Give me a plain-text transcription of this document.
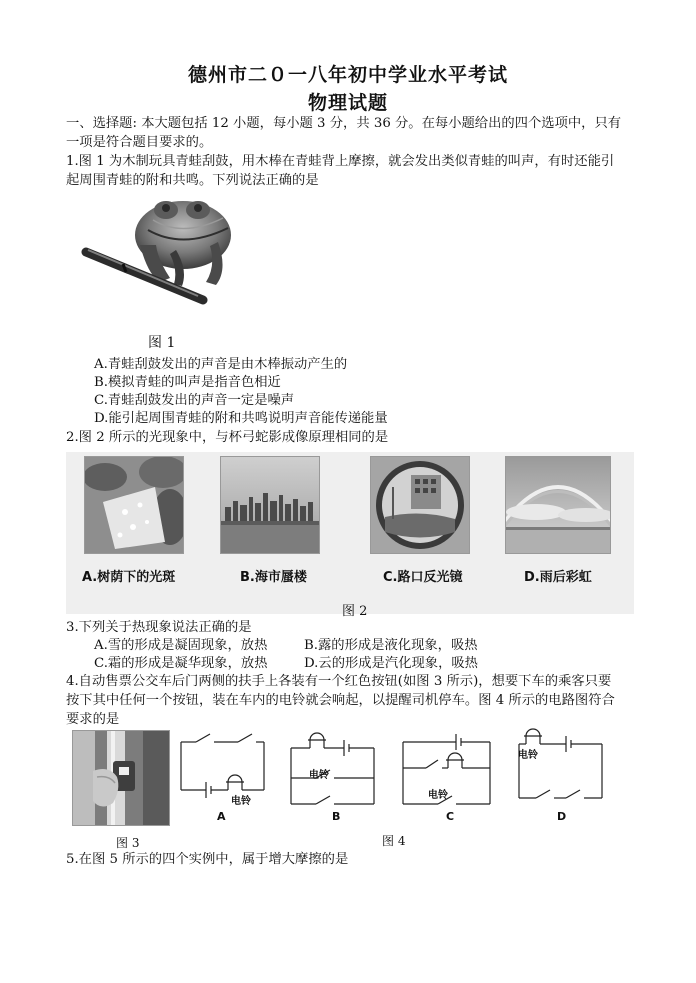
德州市二０一八年初中学业水平考试
物理试题
一、选择题: 本大题包括 12 小题，每小题 3 分，共 36 分。在每小题给出的四个选项中，只有
一项是符合题目要求的。
1.图 1 为木制玩具青蛙刮鼓，用木棒在青蛙背上摩擦，就会发出类似青蛙的叫声，有时还能引
起周围青蛙的附和共鸣。下列说法正确的是
图 1
A.青蛙刮鼓发出的声音是由木棒振动产生的
B.模拟青蛙的叫声是指音色相近
C.青蛙刮鼓发出的声音一定是噪声
D.能引起周围青蛙的附和共鸣说明声音能传递能量
2.图 2 所示的光现象中，与杯弓蛇影成像原理相同的是
A.树荫下的光斑	B.海市蜃楼	C.路口反光镜	D.雨后彩虹
图 2
3.下列关于热现象说法正确的是
A.雪的形成是凝固现象，放热	B.露的形成是液化现象，吸热
C.霜的形成是凝华现象，放热	D.云的形成是汽化现象，吸热
4.自动售票公交车后门两侧的扶手上各装有一个红色按钮(如图 3 所示)，想要下车的乘客只要
按下其中任何一个按钮，装在车内的电铃就会响起，以提醒司机停车。图 4 所示的电路图符合
要求的是
图 3
电铃
电铃
电铃
电铃
A	B	C	D
图 4
5.在图 5 所示的四个实例中，属于增大摩擦的是
